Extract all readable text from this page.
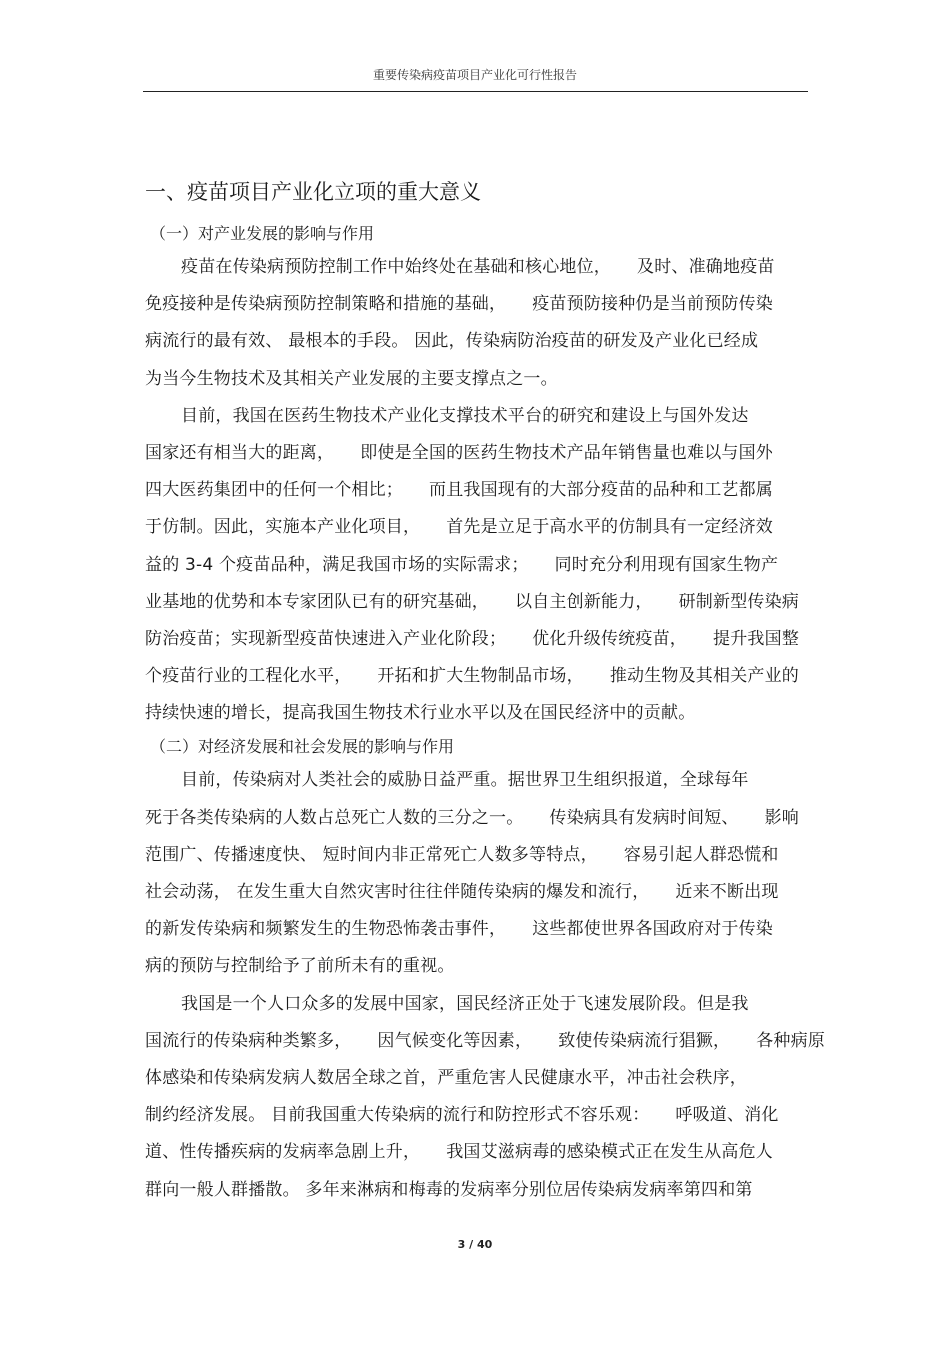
重要传染病疫苗项目产业化可行性报告
一、疫苗项目产业化立项的重大意义
（一）对产业发展的影响与作用
疫苗在传染病预防控制工作中始终处在基础和核心地位， 及时、准确地疫苗
免疫接种是传染病预防控制策略和措施的基础， 疫苗预防接种仍是当前预防传染
病流行的最有效、 最根本的手段。 因此，传染病防治疫苗的研发及产业化已经成
为当今生物技术及其相关产业发展的主要支撑点之一。
目前，我国在医药生物技术产业化支撑技术平台的研究和建设上与国外发达
国家还有相当大的距离， 即使是全国的医药生物技术产品年销售量也难以与国外
四大医药集团中的任何一个相比； 而且我国现有的大部分疫苗的品种和工艺都属
于仿制。因此，实施本产业化项目， 首先是立足于高水平的仿制具有一定经济效
益的 3-4 个疫苗品种，满足我国市场的实际需求； 同时充分利用现有国家生物产
业基地的优势和本专家团队已有的研究基础， 以自主创新能力， 研制新型传染病
防治疫苗；实现新型疫苗快速进入产业化阶段； 优化升级传统疫苗， 提升我国整
个疫苗行业的工程化水平， 开拓和扩大生物制品市场， 推动生物及其相关产业的
持续快速的增长，提高我国生物技术行业水平以及在国民经济中的贡献。
（二）对经济发展和社会发展的影响与作用
目前，传染病对人类社会的威胁日益严重。据世界卫生组织报道，全球每年
死于各类传染病的人数占总死亡人数的三分之一。 传染病具有发病时间短、 影响
范围广、传播速度快、 短时间内非正常死亡人数多等特点， 容易引起人群恐慌和
社会动荡， 在发生重大自然灾害时往往伴随传染病的爆发和流行， 近来不断出现
的新发传染病和频繁发生的生物恐怖袭击事件， 这些都使世界各国政府对于传染
病的预防与控制给予了前所未有的重视。
我国是一个人口众多的发展中国家，国民经济正处于飞速发展阶段。但是我
国流行的传染病种类繁多， 因气候变化等因素， 致使传染病流行猖獗， 各种病原
体感染和传染病发病人数居全球之首，严重危害人民健康水平，冲击社会秩序，
制约经济发展。 目前我国重大传染病的流行和防控形式不容乐观： 呼吸道、消化
道、性传播疾病的发病率急剧上升， 我国艾滋病毒的感染模式正在发生从高危人
群向一般人群播散。 多年来淋病和梅毒的发病率分别位居传染病发病率第四和第
3 / 40
